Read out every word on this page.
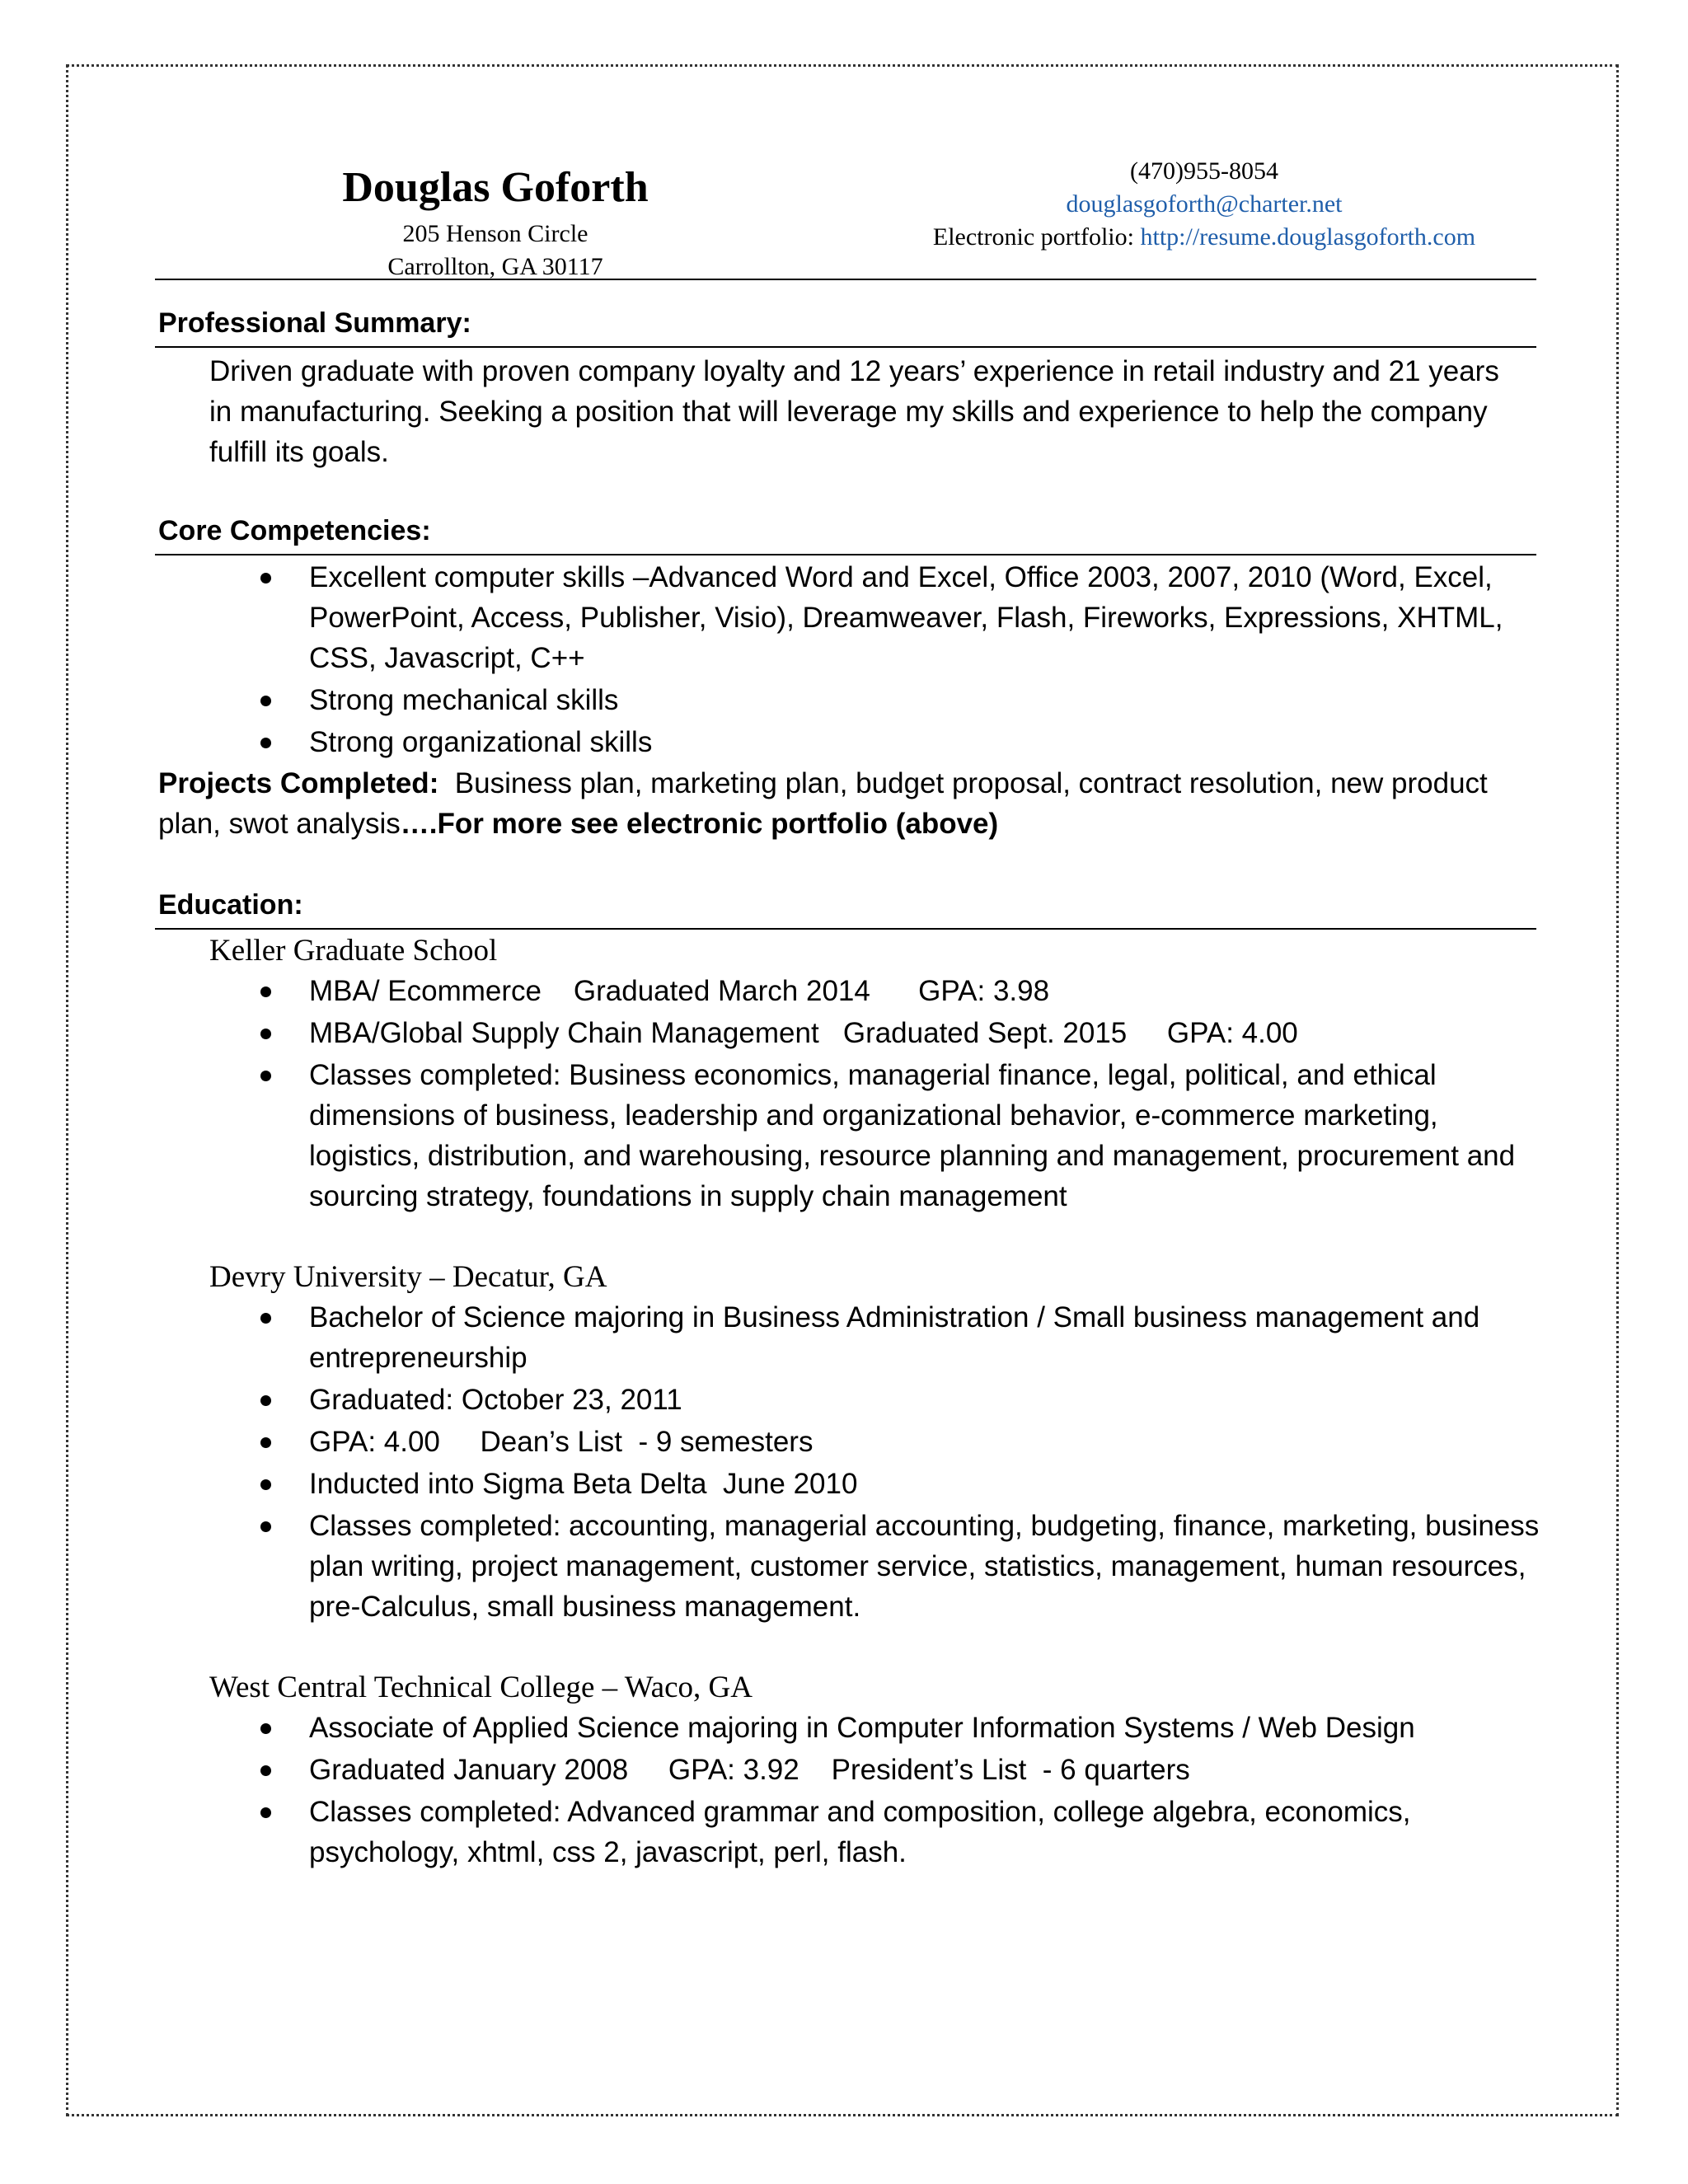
Douglas Goforth
205 Henson Circle
Carrollton, GA 30117
(470)955-8054
douglasgoforth@charter.net
Electronic portfolio: http://resume.douglasgoforth.com
Professional Summary:
Driven graduate with proven company loyalty and 12 years’ experience in retail industry and 21 years in manufacturing. Seeking a position that will leverage my skills and experience to help the company fulfill its goals.
Core Competencies:
Excellent computer skills –Advanced Word and Excel, Office 2003, 2007, 2010 (Word, Excel, PowerPoint, Access, Publisher, Visio), Dreamweaver, Flash, Fireworks, Expressions, XHTML, CSS, Javascript, C++
Strong mechanical skills
Strong organizational skills
Projects Completed:  Business plan, marketing plan, budget proposal, contract resolution, new product plan, swot analysis….For more see electronic portfolio (above)
Education:
Keller Graduate School
MBA/ Ecommerce    Graduated March 2014      GPA: 3.98
MBA/Global Supply Chain Management   Graduated Sept. 2015     GPA: 4.00
Classes completed: Business economics, managerial finance, legal, political, and ethical dimensions of business, leadership and organizational behavior, e-commerce marketing, logistics, distribution, and warehousing, resource planning and management, procurement and sourcing strategy, foundations in supply chain management
Devry University – Decatur, GA
Bachelor of Science majoring in Business Administration / Small business management and entrepreneurship
Graduated: October 23, 2011
GPA: 4.00     Dean’s List  - 9 semesters
Inducted into Sigma Beta Delta  June 2010
Classes completed: accounting, managerial accounting, budgeting, finance, marketing, business plan writing, project management, customer service, statistics, management, human resources, pre-Calculus, small business management.
West Central Technical College – Waco, GA
Associate of Applied Science majoring in Computer Information Systems / Web Design
Graduated January 2008     GPA: 3.92    President’s List  - 6 quarters
Classes completed: Advanced grammar and composition, college algebra, economics, psychology, xhtml, css 2, javascript, perl, flash.
